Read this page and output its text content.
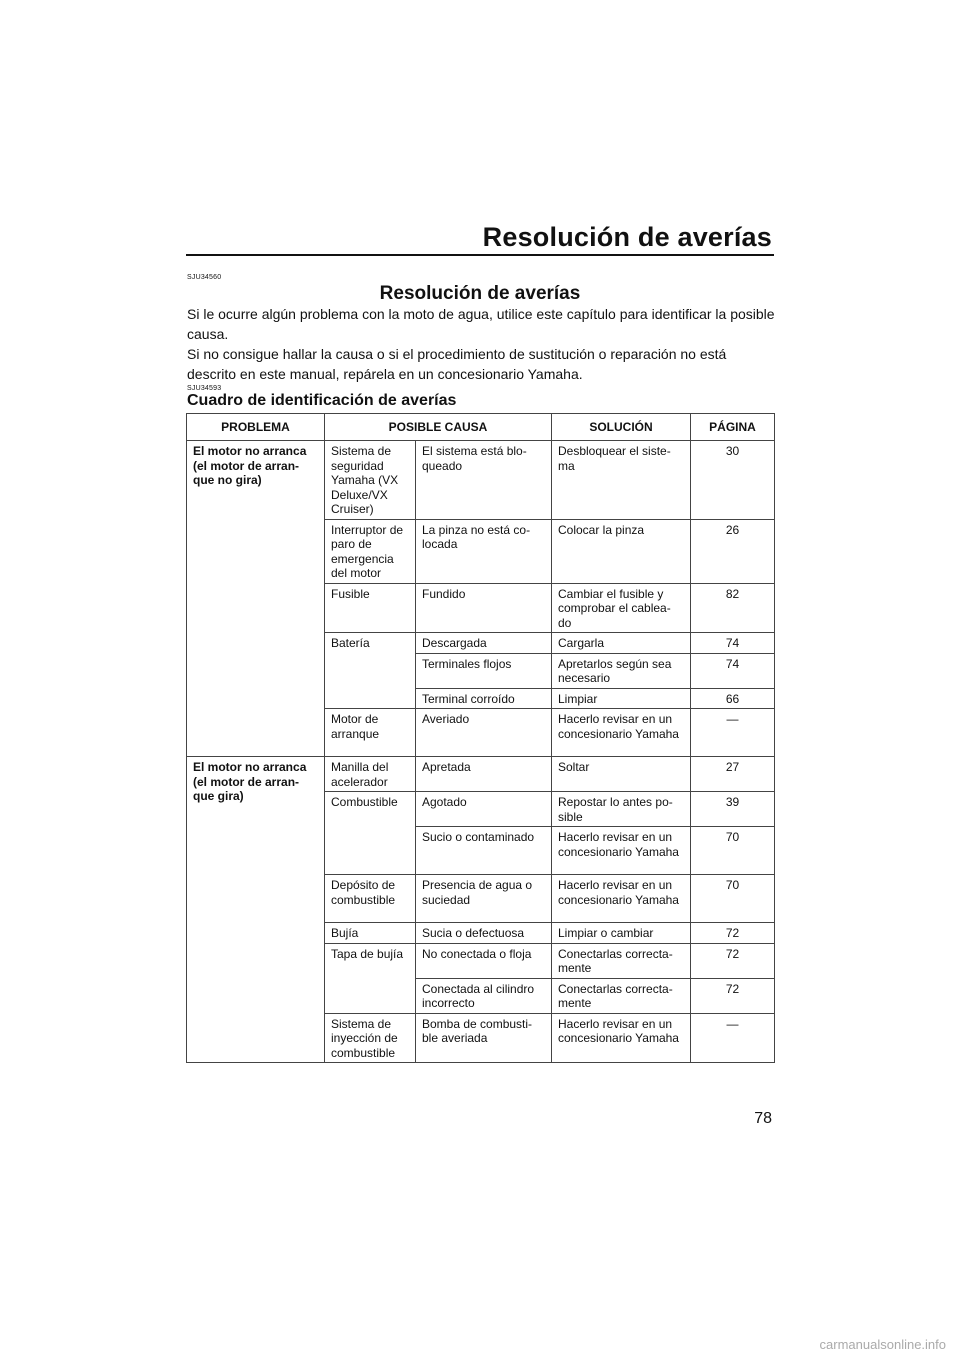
Resolución de averías
SJU34560
Resolución de averías

Si le ocurre algún problema con la moto de agua, utilice este capítulo para identificar la posible causa.

Si no consigue hallar la causa o si el procedimiento de sustitución o reparación no está descrito en este manual, repárela en un concesionario Yamaha.

SJU34593
Cuadro de identificación de averías
PROBLEMA	POSIBLE CAUSA		SOLUCIÓN	PÁGINA
El motor no arranca (el motor de arran-que no gira)	Sistema de seguridad Yamaha (VX Deluxe/VX Cruiser)	El sistema está blo-queado	Desbloquear el siste-ma	30
	Interruptor de paro de emergencia del motor	La pinza no está co-locada	Colocar la pinza	26
	Fusible	Fundido	Cambiar el fusible y comprobar el cablea-do	82
	Batería	Descargada	Cargarla	74
		Terminales flojos	Apretarlos según sea necesario	74
		Terminal corroído	Limpiar	66
	Motor de arranque	Averiado	Hacerlo revisar en un concesionario Yamaha	—
El motor no arranca (el motor de arran-que gira)	Manilla del acelerador	Apretada	Soltar	27
	Combustible	Agotado	Repostar lo antes po-sible	39
		Sucio o contaminado	Hacerlo revisar en un concesionario Yamaha	70
	Depósito de combustible	Presencia de agua o suciedad	Hacerlo revisar en un concesionario Yamaha	70
	Bujía	Sucia o defectuosa	Limpiar o cambiar	72
	Tapa de bujía	No conectada o floja	Conectarlas correcta-mente	72
		Conectada al cilindro incorrecto	Conectarlas correcta-mente	72
	Sistema de inyección de combustible	Bomba de combusti-ble averiada	Hacerlo revisar en un concesionario Yamaha	—
78
carmanualsonline.info
